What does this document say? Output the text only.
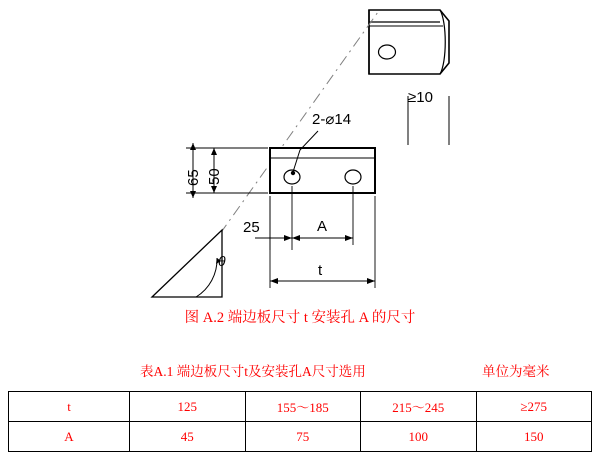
2-⌀14
≥10
65 50
25	A
t
θ
图 A.2 端边板尺寸 t 安装孔 A 的尺寸
表A.1 端边板尺寸t及安装孔A尺寸选用	单位为毫米
t	125	155～185	215～245	≥275
A	45	75	100	150
